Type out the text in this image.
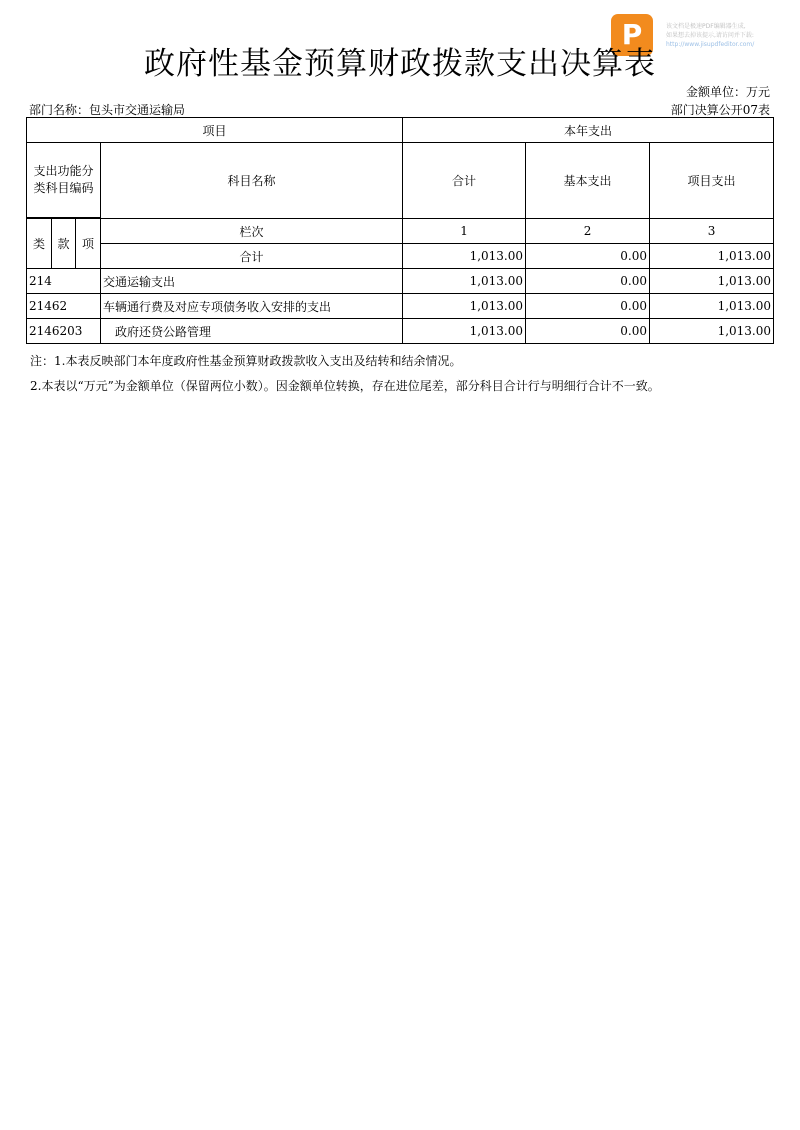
P	该文档是极速PDF编辑器生成,
如果想去掉该提示,请访问并下载:
http://www.jisupdfeditor.com/
政府性基金预算财政拨款支出决算表
金额单位：万元
部门名称：包头市交通运输局	部门决算公开07表
项目				本年支出		
支出功能分类科目编码			科目名称	合计	基本支出	项目支出

类	款	项	栏次	1	2	3
			合计	1,013.00	0.00	1,013.00
214			交通运输支出	1,013.00	0.00	1,013.00
21462			车辆通行费及对应专项债务收入安排的支出	1,013.00	0.00	1,013.00
2146203			政府还贷公路管理	1,013.00	0.00	1,013.00
注：1.本表反映部门本年度政府性基金预算财政拨款收入支出及结转和结余情况。
2.本表以“万元”为金额单位（保留两位小数）。因金额单位转换，存在进位尾差，部分科目合计行与明细行合计不一致。
